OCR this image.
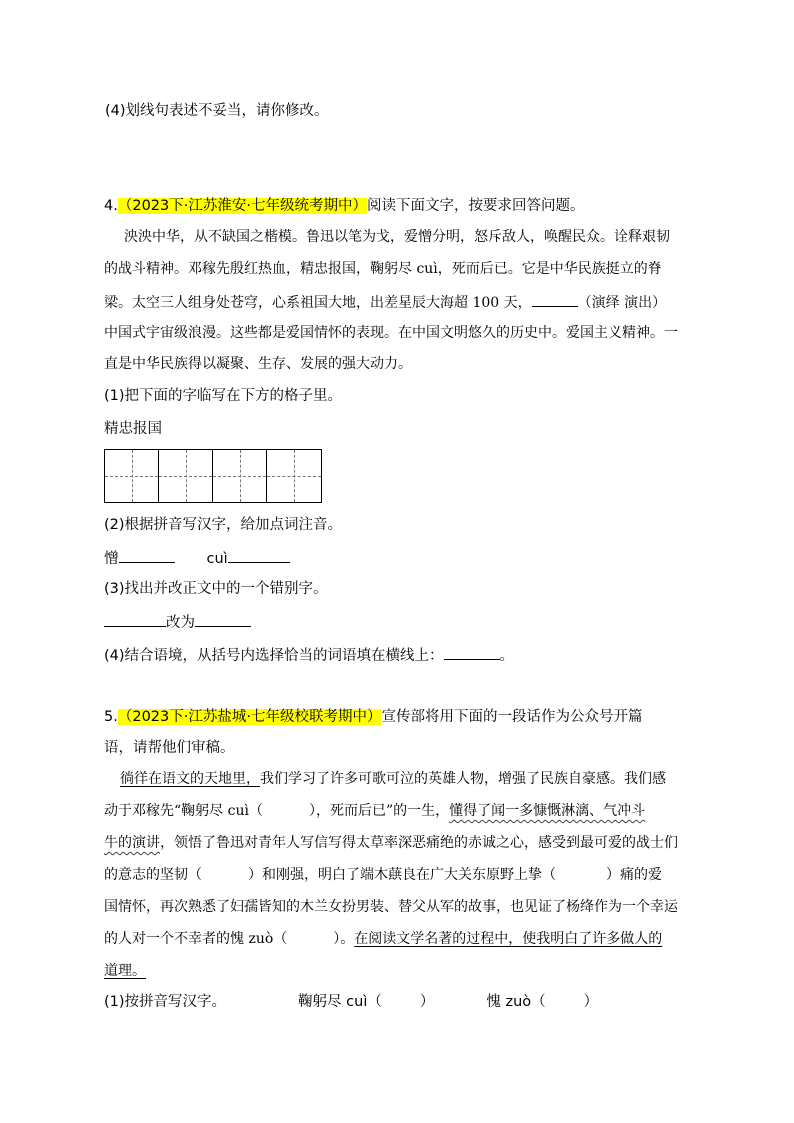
(4)划线句表述不妥当，请你修改。
4.（2023下·江苏淮安·七年级统考期中）阅读下面文字，按要求回答问题。
泱泱中华，从不缺国之楷模。鲁迅以笔为戈，爱憎分明，怒斥敌人，唤醒民众。诠释艰韧
的战斗精神。邓稼先殷红热血，精忠报国，鞠躬尽 cuì，死而后已。它是中华民族挺立的脊
梁。太空三人组身处苍穹，心系祖国大地，出差星辰大海超 100 天，	（演绎 演出）
中国式宇宙级浪漫。这些都是爱国情怀的表现。在中国文明悠久的历史中。爱国主义精神。一
直是中华民族得以凝聚、生存、发展的强大动力。
(1)把下面的字临写在下方的格子里。
精忠报国
(2)根据拼音写汉字，给加点词注音。
憎	cuì
(3)找出并改正文中的一个错别字。
改为
(4)结合语境，从括号内选择恰当的词语填在横线上：	。
5.（2023下·江苏盐城·七年级校联考期中）宣传部将用下面的一段话作为公众号开篇
语，请帮他们审稿。
徜徉在语文的天地里，我们学习了许多可歌可泣的英雄人物，增强了民族自豪感。我们感
动于邓稼先“鞠躬尽 cuì（	），死而后已”的一生，懂得了闻一多慷慨淋漓、气冲斗
牛的演讲，领悟了鲁迅对青年人写信写得太草率深恶痛绝的赤诚之心，感受到最可爱的战士们
的意志的坚韧（	）和刚强，明白了端木蕻良在广大关东原野上挚（	）痛的爱
国情怀，再次熟悉了妇孺皆知的木兰女扮男装、替父从军的故事，也见证了杨绛作为一个幸运
的人对一个不幸者的愧 zuò（	）。在阅读文学名著的过程中，使我明白了许多做人的
道理。
(1)按拼音写汉字。	鞠躬尽 cuì（	）	愧 zuò（	）
